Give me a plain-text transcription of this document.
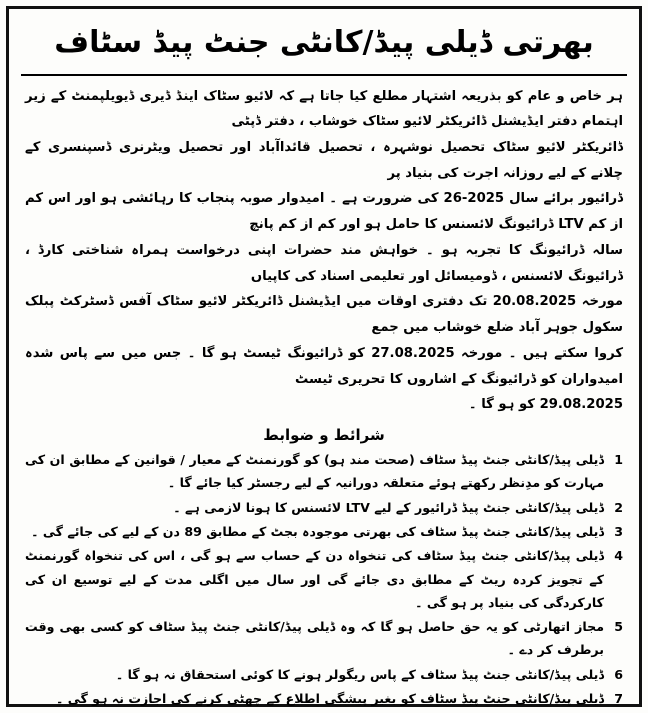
بھرتی ڈیلی پیڈ/کانٹی جنٹ پیڈ سٹاف
ہر خاص و عام کو بذریعہ اشتہار مطلع کیا جاتا ہے کہ لائیو سٹاک اینڈ ڈیری ڈیویلپمنٹ کے زیر اہتمام دفتر ایڈیشنل ڈائریکٹر لائیو سٹاک خوشاب ، دفتر ڈپٹی
ڈائریکٹر لائیو سٹاک تحصیل نوشہرہ ، تحصیل قائداآباد اور تحصیل ویٹرنری ڈسپنسری کے چلانے کے لیے روزانہ اجرت کی بنیاد پر
ڈرائیور برائے سال 2025-26 کی ضرورت ہے ۔ امیدوار صوبہ پنجاب کا رہائشی ہو اور اس کم از کم LTV ڈرائیونگ لائسنس کا حامل ہو اور کم از کم پانچ
سالہ ڈرائیونگ کا تجربہ ہو ۔ خواہش مند حضرات اپنی درخواست ہمراہ شناختی کارڈ ، ڈرائیونگ لائسنس ، ڈومیسائل اور تعلیمی اسناد کی کاپیاں
مورخہ 20.08.2025 تک دفتری اوقات میں ایڈیشنل ڈائریکٹر لائیو سٹاک آفس ڈسٹرکٹ پبلک سکول جوہر آباد ضلع خوشاب میں جمع
کروا سکتے ہیں ۔ مورخہ 27.08.2025 کو ڈرائیونگ ٹیسٹ ہو گا ۔ جس میں سے پاس شدہ امیدواران کو ڈرائیونگ کے اشاروں کا تحریری ٹیسٹ
29.08.2025 کو ہو گا ۔
شرائط و ضوابط
1
ڈیلی پیڈ/کانٹی جنٹ پیڈ سٹاف (صحت مند ہو) کو گورنمنٹ کے معیار / قوانین کے مطابق ان کی مہارت کو مدِنظر رکھتے ہوئے متعلقہ دورانیہ کے لیے رجسٹر کیا جائے گا ۔
2
ڈیلی پیڈ/کانٹی جنٹ پیڈ ڈرائیور کے لیے LTV لائسنس کا ہونا لازمی ہے ۔
3
ڈیلی پیڈ/کانٹی جنٹ پیڈ سٹاف کی بھرتی موجودہ بجٹ کے مطابق 89 دن کے لیے کی جائے گی ۔
4
ڈیلی پیڈ/کانٹی جنٹ پیڈ سٹاف کی تنخواہ دن کے حساب سے ہو گی ، اس کی تنخواہ گورنمنٹ کے تجویز کردہ ریٹ کے مطابق دی جائے گی اور سال میں اگلی مدت کے لیے توسیع ان کی کارکردگی کی بنیاد پر ہو گی ۔
5
مجاز اتھارٹی کو یہ حق حاصل ہو گا کہ وہ ڈیلی پیڈ/کانٹی جنٹ پیڈ سٹاف کو کسی بھی وقت برطرف کر دے ۔
6
ڈیلی پیڈ/کانٹی جنٹ پیڈ سٹاف کے پاس ریگولر ہونے کا کوئی استحقاق نہ ہو گا ۔
7
ڈیلی پیڈ/کانٹی جنٹ پیڈ سٹاف کو بغیر پیشگی اطلاع کے چھٹی کرنے کی اجازت نہ ہو گی ۔
